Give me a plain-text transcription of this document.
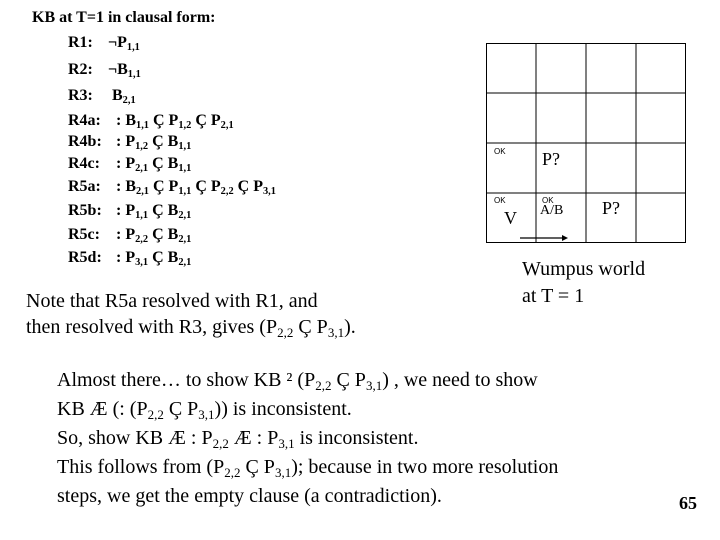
KB at T=1 in clausal form:
R1: $\neg P_{1,1}$
R2: $\neg B_{1,1}$
R3: $B_{2,1}$
R4a: : $B_{1,1}$ Ç $P_{1,2}$ Ç $P_{2,1}$
R4b: : $P_{1,2}$ Ç $B_{1,1}$
R4c: : $P_{2,1}$ Ç $B_{1,1}$
R5a: : $B_{2,1}$ Ç $P_{1,1}$ Ç $P_{2,2}$ Ç $P_{3,1}$
R5b: : $P_{1,1}$ Ç $B_{2,1}$
R5c: : $P_{2,2}$ Ç $B_{2,1}$
R5d: : $P_{3,1}$ Ç $B_{2,1}$
Note that R5a resolved with R1, and
then resolved with R3, gives ($P_{2,2}$ Ç $P_{3,1}$).
OK
OK	OK
P?
P?
V A/B
Wumpus world
at T = 1
Almost there… to show KB ² ($P_{2,2}$ Ç $P_{3,1}$) , we need to show
KB Æ (: ($P_{2,2}$ Ç $P_{3,1}$)) is inconsistent.
So, show KB Æ : $P_{2,2}$ Æ : $P_{3,1}$ is inconsistent.
This follows from ($P_{2,2}$ Ç $P_{3,1}$); because in two more resolution
steps, we get the empty clause (a contradiction).	65
